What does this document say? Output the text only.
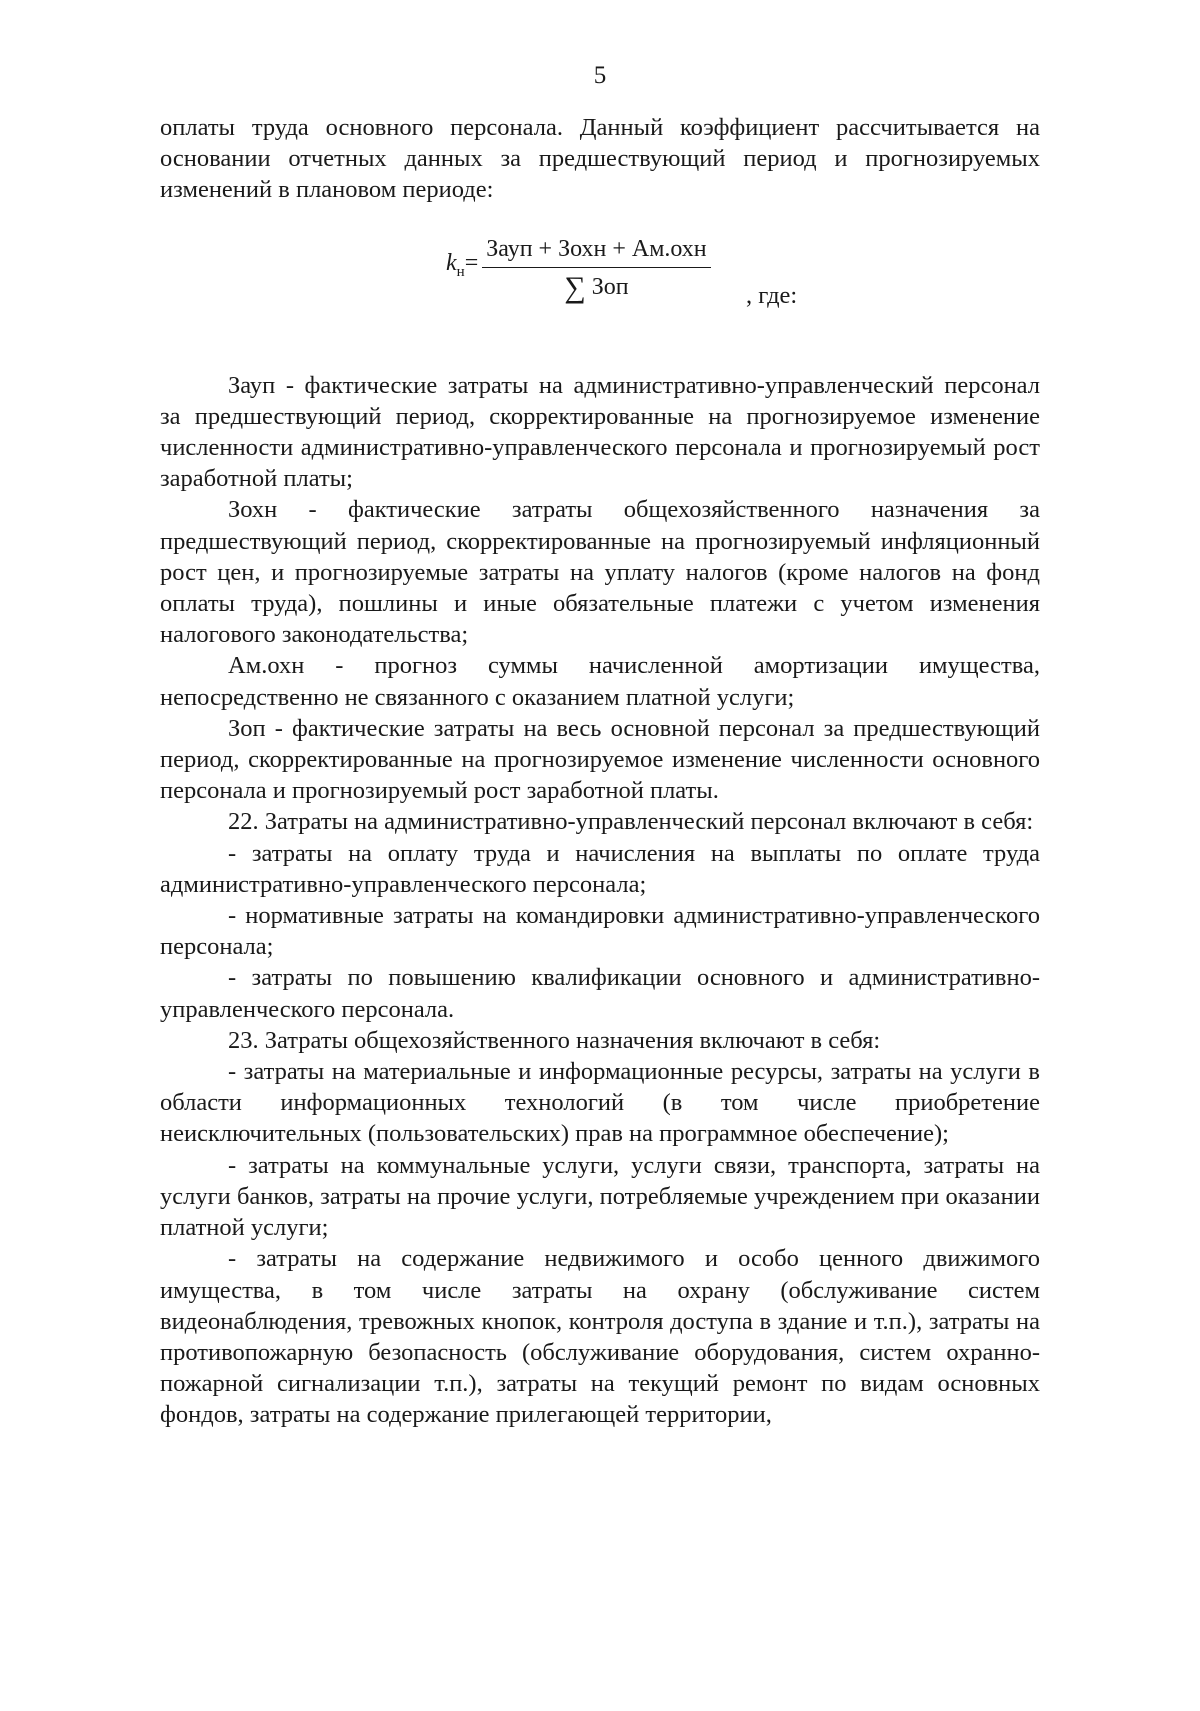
5

оплаты труда основного персонала. Данный коэффициент рассчитывается на основании отчетных данных за предшествующий период и прогнозируемых изменений в плановом периоде:

$k_н= \frac{\text{Зауп + Зохн + Ам.охн}}{\text{∑ Зоп}}$ , где:

Зауп - фактические затраты на административно-управленческий персонал за предшествующий период, скорректированные на прогнозируемое изменение численности административно-управленческого персонала и прогнозируемый рост заработной платы;

Зохн - фактические затраты общехозяйственного назначения за предшествующий период, скорректированные на прогнозируемый инфляционный рост цен, и прогнозируемые затраты на уплату налогов (кроме налогов на фонд оплаты труда), пошлины и иные обязательные платежи с учетом изменения налогового законодательства;

Ам.охн - прогноз суммы начисленной амортизации имущества, непосредственно не связанного с оказанием платной услуги;

Зоп - фактические затраты на весь основной персонал за предшествующий период, скорректированные на прогнозируемое изменение численности основного персонала и прогнозируемый рост заработной платы.

22. Затраты на административно-управленческий персонал включают в себя:

- затраты на оплату труда и начисления на выплаты по оплате труда административно-управленческого персонала;

- нормативные затраты на командировки административно-управленческого персонала;

- затраты по повышению квалификации основного и административно-управленческого персонала.

23. Затраты общехозяйственного назначения включают в себя:

- затраты на материальные и информационные ресурсы, затраты на услуги в области информационных технологий (в том числе приобретение неисключительных (пользовательских) прав на программное обеспечение);

- затраты на коммунальные услуги, услуги связи, транспорта, затраты на услуги банков, затраты на прочие услуги, потребляемые учреждением при оказании платной услуги;

- затраты на содержание недвижимого и особо ценного движимого имущества, в том числе затраты на охрану (обслуживание систем видеонаблюдения, тревожных кнопок, контроля доступа в здание и т.п.), затраты на противопожарную безопасность (обслуживание оборудования, систем охранно-пожарной сигнализации т.п.), затраты на текущий ремонт по видам основных фондов, затраты на содержание прилегающей территории,
